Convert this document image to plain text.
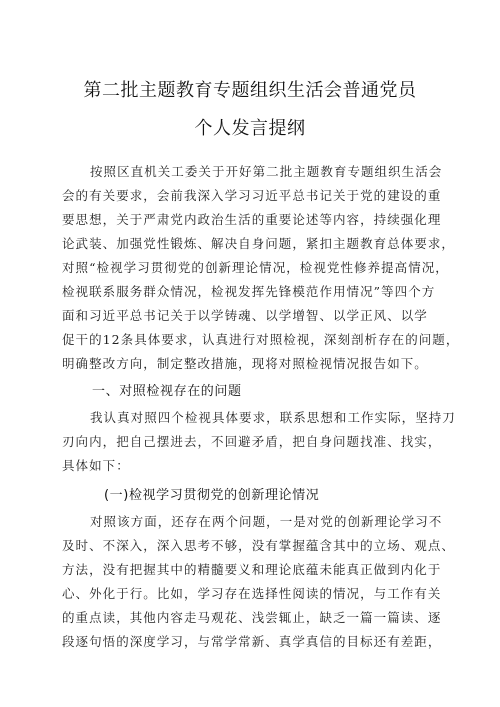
第二批主题教育专题组织生活会普通党员
个人发言提纲
按照区直机关工委关于开好第二批主题教育专题组织生活会
会的有关要求，会前我深入学习习近平总书记关于党的建设的重
要思想，关于严肃党内政治生活的重要论述等内容，持续强化理
论武装、加强党性锻炼、解决自身问题，紧扣主题教育总体要求，
对照“检视学习贯彻党的创新理论情况，检视党性修养提高情况，
检视联系服务群众情况，检视发挥先锋模范作用情况”等四个方
面和习近平总书记关于以学铸魂、以学增智、以学正风、以学
促干的12条具体要求，认真进行对照检视，深刻剖析存在的问题，
明确整改方向，制定整改措施，现将对照检视情况报告如下。
一、对照检视存在的问题
我认真对照四个检视具体要求，联系思想和工作实际，坚持刀
刃向内，把自己摆进去，不回避矛盾，把自身问题找准、找实，
具体如下：
(一)检视学习贯彻党的创新理论情况
对照该方面，还存在两个问题，一是对党的创新理论学习不
及时、不深入，深入思考不够，没有掌握蕴含其中的立场、观点、
方法，没有把握其中的精髓要义和理论底蕴未能真正做到内化于
心、外化于行。比如，学习存在选择性阅读的情况，与工作有关
的重点读，其他内容走马观花、浅尝辄止，缺乏一篇一篇读、逐
段逐句悟的深度学习，与常学常新、真学真信的目标还有差距，
